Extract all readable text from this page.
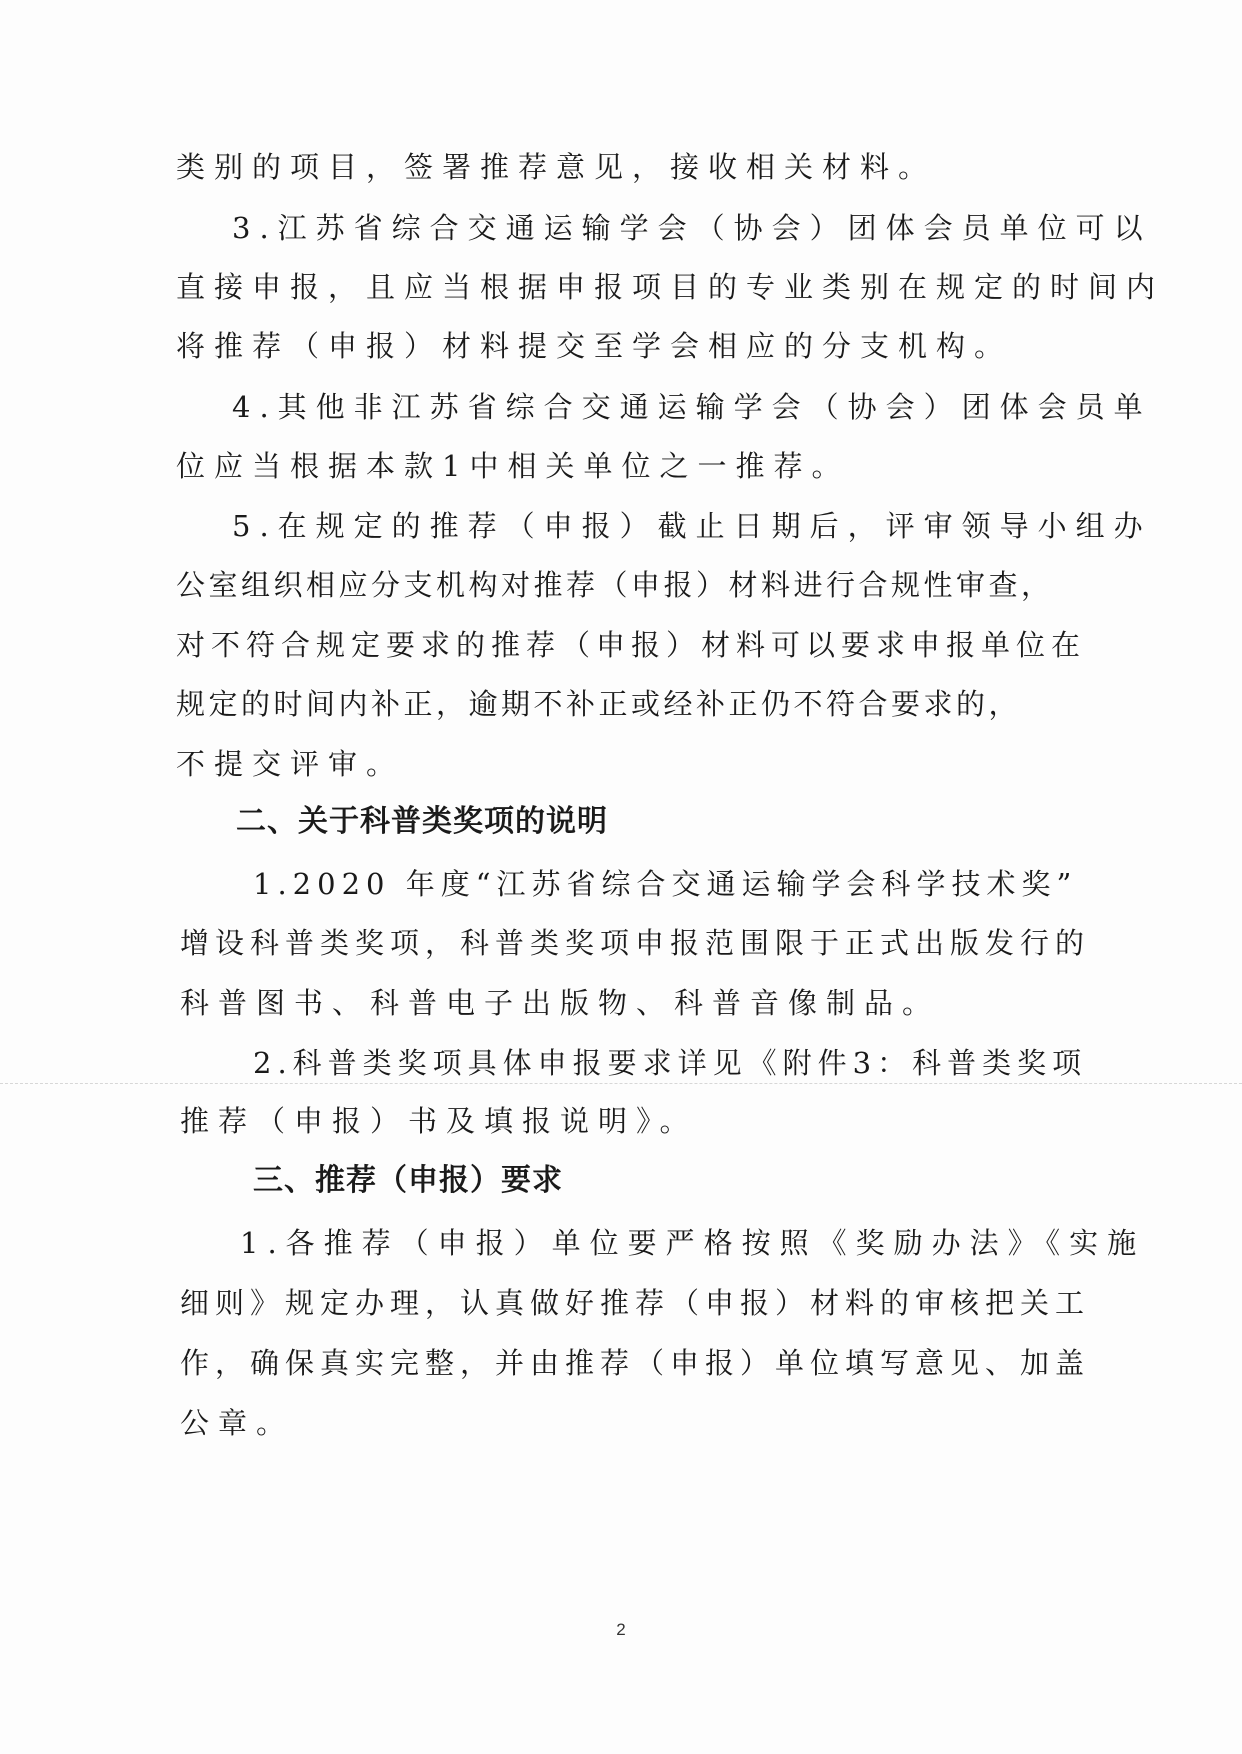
类别的项目，签署推荐意见，接收相关材料。
3.江苏省综合交通运输学会（协会）团体会员单位可以
直接申报，且应当根据申报项目的专业类别在规定的时间内
将推荐（申报）材料提交至学会相应的分支机构。
4.其他非江苏省综合交通运输学会（协会）团体会员单
位应当根据本款1中相关单位之一推荐。
5.在规定的推荐（申报）截止日期后，评审领导小组办
公室组织相应分支机构对推荐（申报）材料进行合规性审查，
对不符合规定要求的推荐（申报）材料可以要求申报单位在
规定的时间内补正，逾期不补正或经补正仍不符合要求的，
不提交评审。
二、关于科普类奖项的说明
1.2020 年度“江苏省综合交通运输学会科学技术奖”
增设科普类奖项，科普类奖项申报范围限于正式出版发行的
科普图书、科普电子出版物、科普音像制品。
2.科普类奖项具体申报要求详见《附件3：科普类奖项
推荐（申报）书及填报说明》。
三、推荐（申报）要求
1.各推荐（申报）单位要严格按照《奖励办法》《实施
细则》规定办理，认真做好推荐（申报）材料的审核把关工
作，确保真实完整，并由推荐（申报）单位填写意见、加盖
公章。
2
